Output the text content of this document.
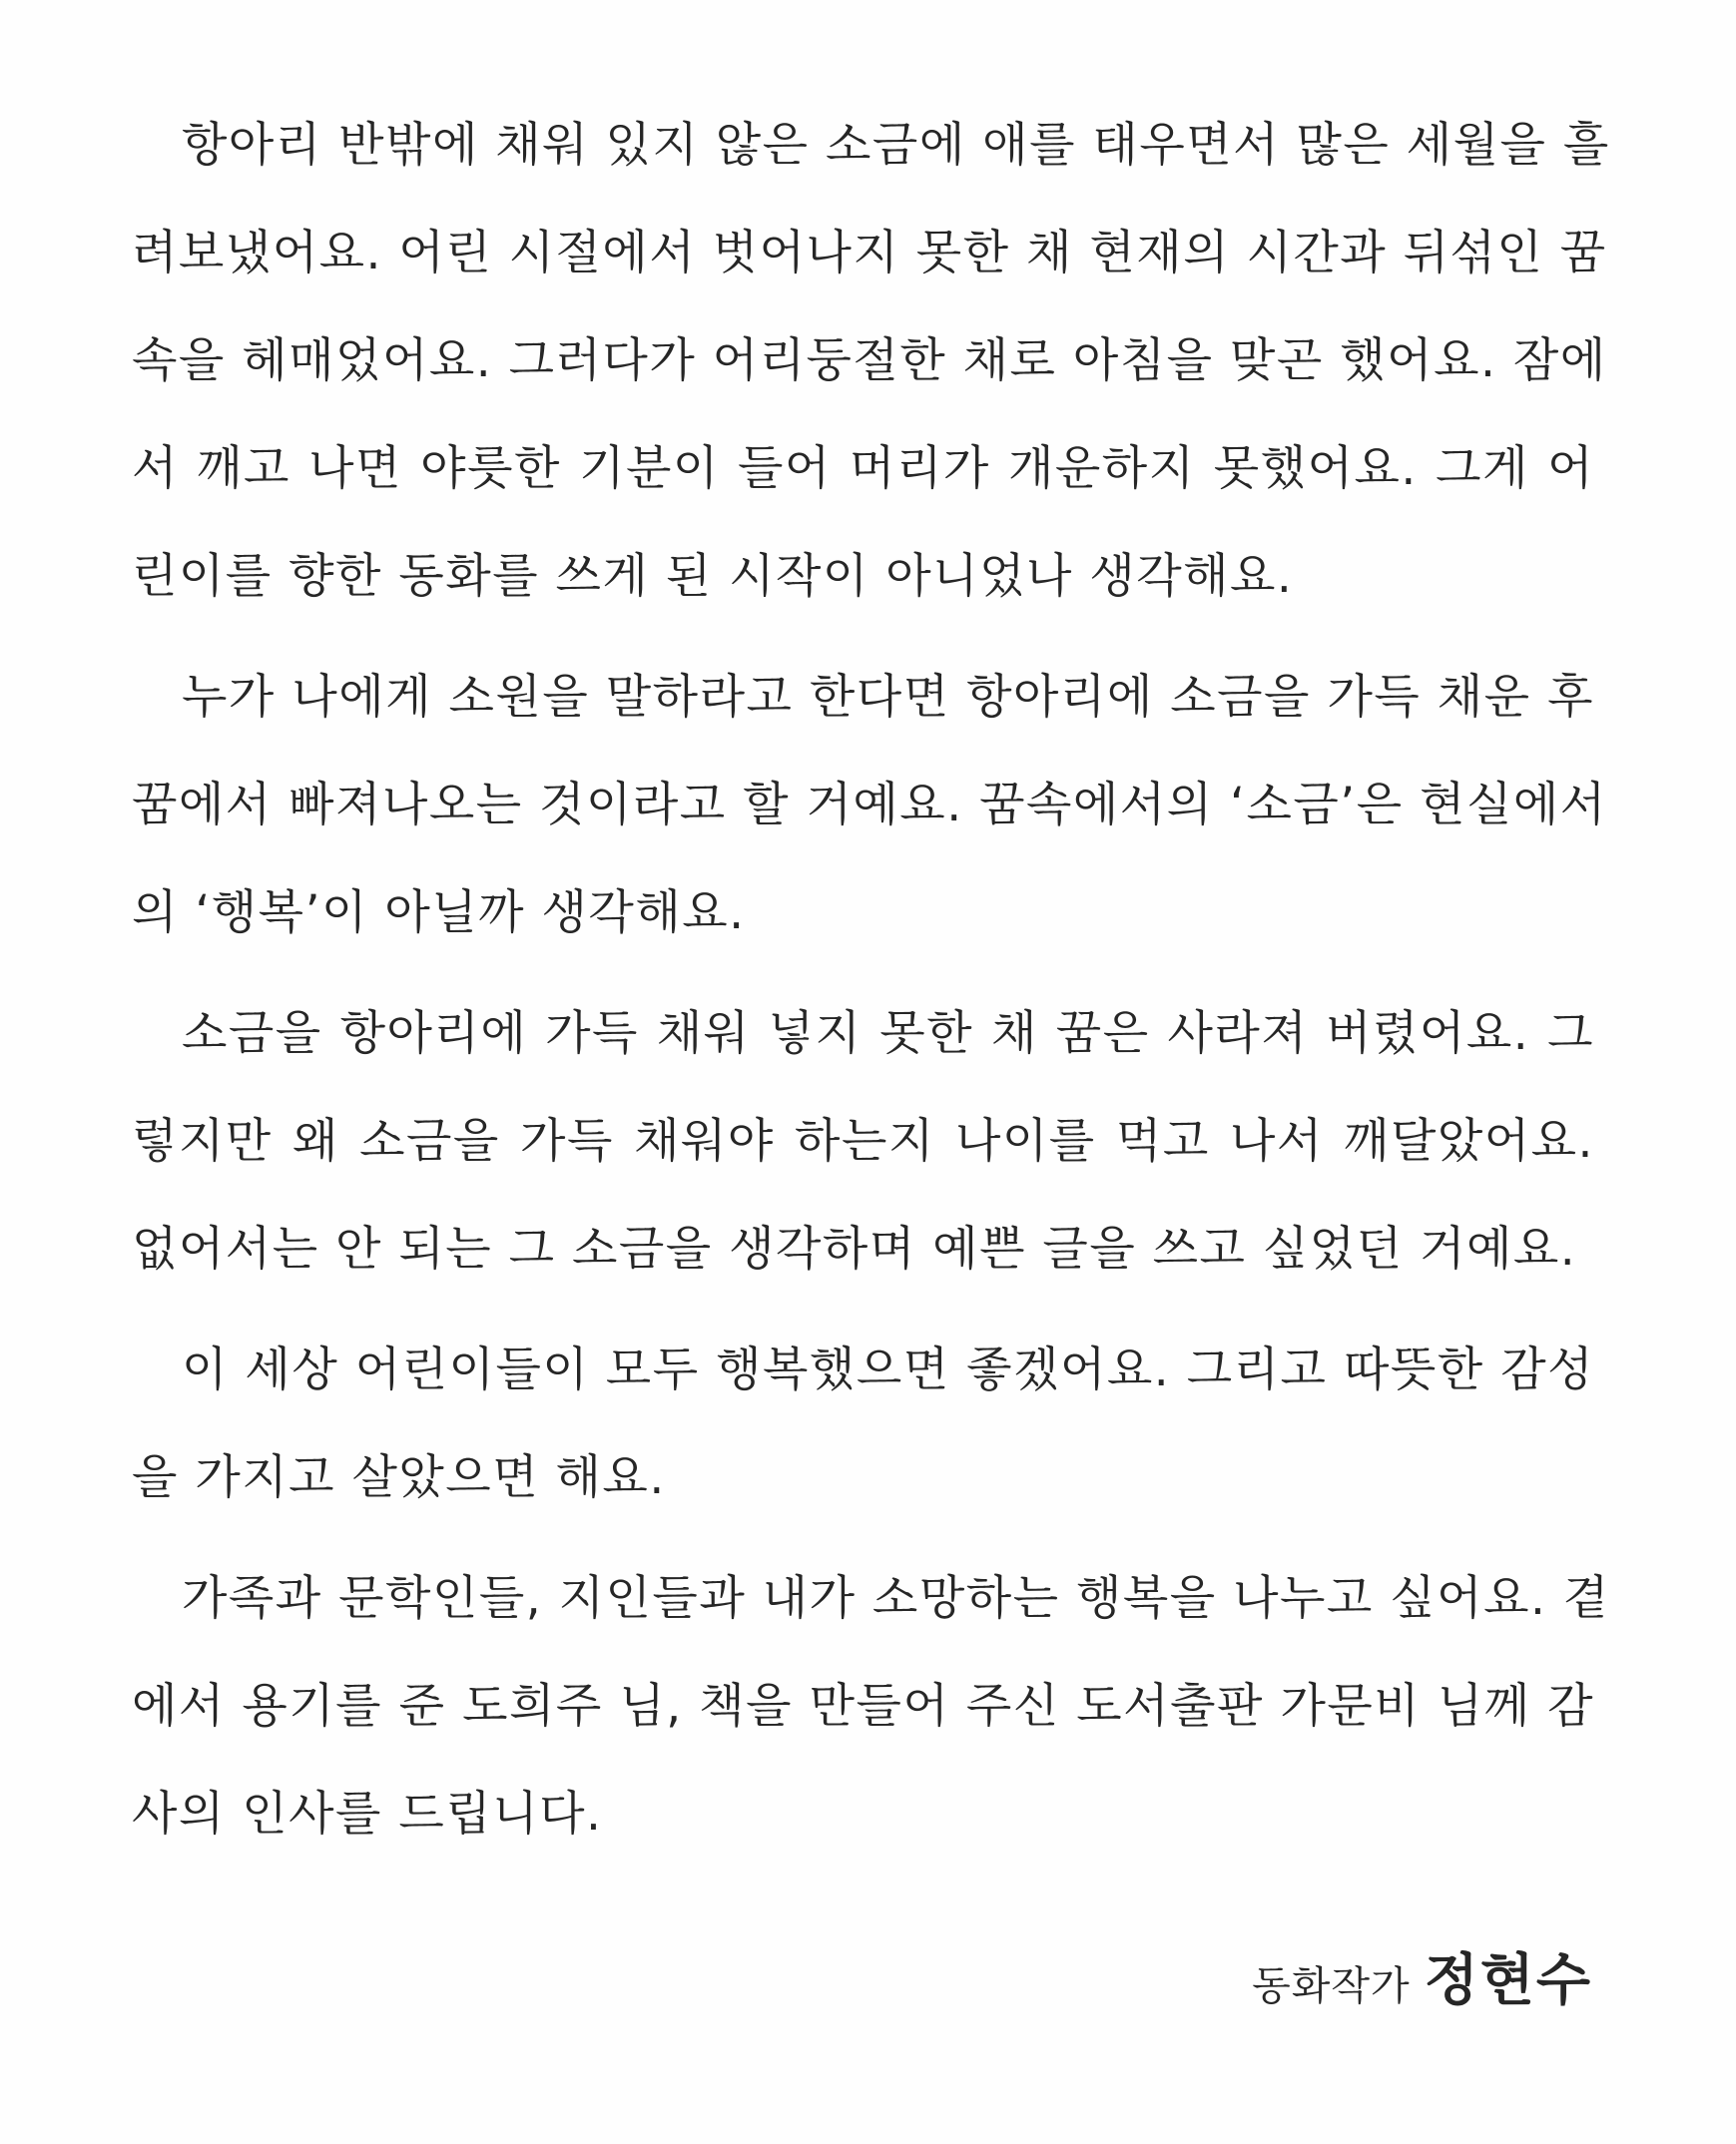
항아리 반밖에 채워 있지 않은 소금에 애를 태우면서 많은 세월을 흘
려보냈어요. 어린 시절에서 벗어나지 못한 채 현재의 시간과 뒤섞인 꿈
속을 헤매었어요. 그러다가 어리둥절한 채로 아침을 맞곤 했어요. 잠에
서 깨고 나면 야릇한 기분이 들어 머리가 개운하지 못했어요. 그게 어
린이를 향한 동화를 쓰게 된 시작이 아니었나 생각해요.

누가 나에게 소원을 말하라고 한다면 항아리에 소금을 가득 채운 후
꿈에서 빠져나오는 것이라고 할 거예요. 꿈속에서의 ‘소금’은 현실에서
의 ‘행복’이 아닐까 생각해요.

소금을 항아리에 가득 채워 넣지 못한 채 꿈은 사라져 버렸어요. 그
렇지만 왜 소금을 가득 채워야 하는지 나이를 먹고 나서 깨달았어요.
없어서는 안 되는 그 소금을 생각하며 예쁜 글을 쓰고 싶었던 거예요.

이 세상 어린이들이 모두 행복했으면 좋겠어요. 그리고 따뜻한 감성
을 가지고 살았으면 해요.

가족과 문학인들, 지인들과 내가 소망하는 행복을 나누고 싶어요. 곁
에서 용기를 준 도희주 님, 책을 만들어 주신 도서출판 가문비 님께 감
사의 인사를 드립니다.

동화작가 정현수
